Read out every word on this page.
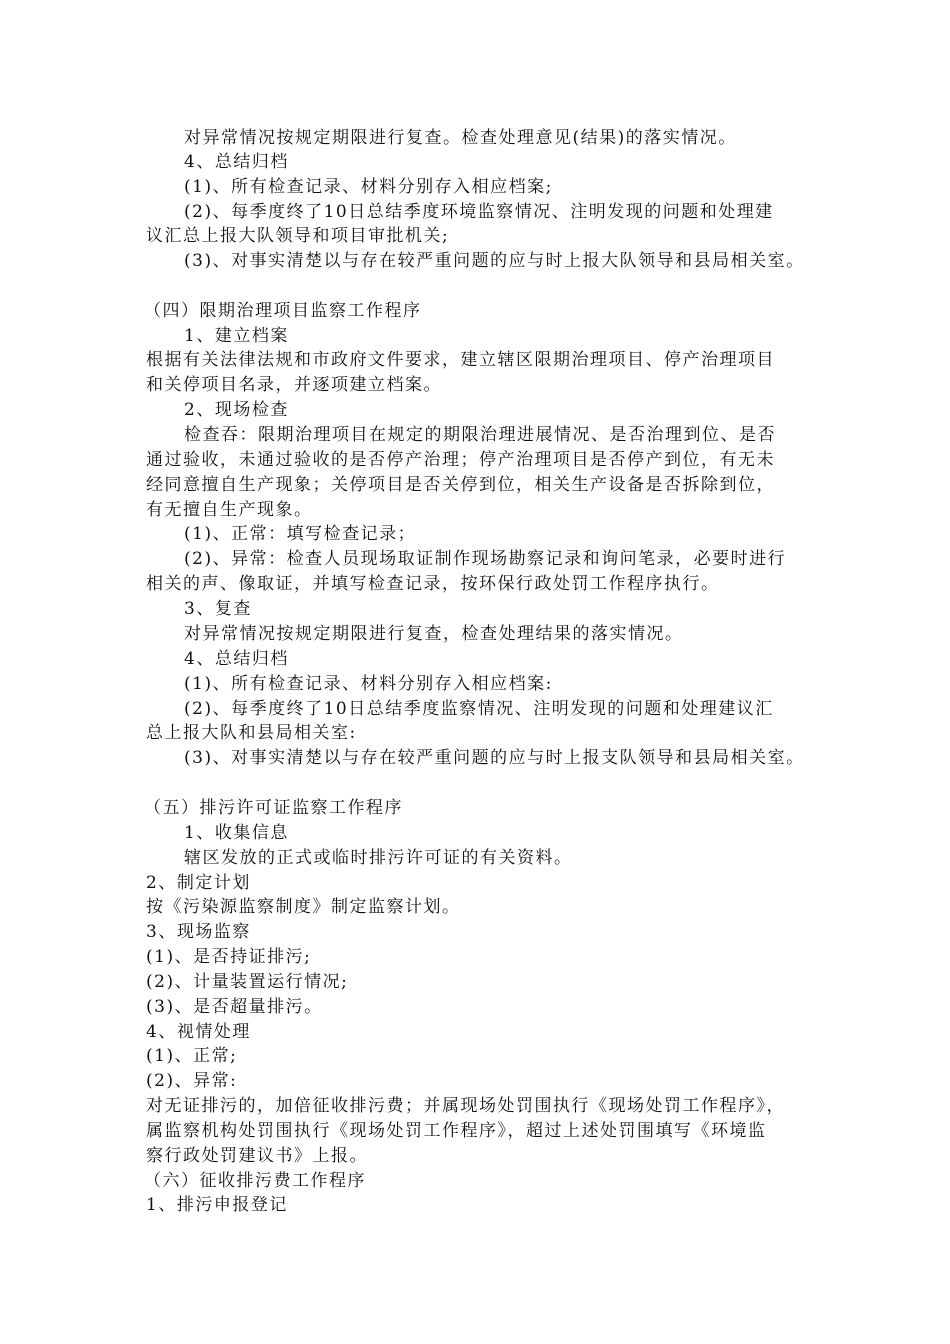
对异常情况按规定期限进行复查。检查处理意见(结果)的落实情况。
4、总结归档
(1)、所有检查记录、材料分别存入相应档案;
(2)、每季度终了10日总结季度环境监察情况、注明发现的问题和处理建
议汇总上报大队领导和项目审批机关;
(3)、对事实清楚以与存在较严重问题的应与时上报大队领导和县局相关室。
（四）限期治理项目监察工作程序
1、建立档案
根据有关法律法规和市政府文件要求，建立辖区限期治理项目、停产治理项目
和关停项目名录，并逐项建立档案。
2、现场检查
检查吞：限期治理项目在规定的期限治理进展情况、是否治理到位、是否
通过验收，未通过验收的是否停产治理；停产治理项目是否停产到位，有无未
经同意擅自生产现象；关停项目是否关停到位，相关生产设备是否拆除到位，
有无擅自生产现象。
(1)、正常：填写检查记录；
(2)、异常：检查人员现场取证制作现场勘察记录和询问笔录，必要时进行
相关的声、像取证，并填写检查记录，按环保行政处罚工作程序执行。
3、复查
对异常情况按规定期限进行复查，检查处理结果的落实情况。
4、总结归档
(1)、所有检查记录、材料分别存入相应档案:
(2)、每季度终了10日总结季度监察情况、注明发现的问题和处理建议汇
总上报大队和县局相关室:
(3)、对事实清楚以与存在较严重问题的应与时上报支队领导和县局相关室。
（五）排污许可证监察工作程序
1、收集信息
辖区发放的正式或临时排污许可证的有关资料。
2、制定计划
按《污染源监察制度》制定监察计划。
3、现场监察
(1)、是否持证排污;
(2)、计量装置运行情况;
(3)、是否超量排污。
4、视情处理
(1)、正常;
(2)、异常:
对无证排污的，加倍征收排污费；并属现场处罚围执行《现场处罚工作程序》，
属监察机构处罚围执行《现场处罚工作程序》，超过上述处罚围填写《环境监
察行政处罚建议书》上报。
（六）征收排污费工作程序
1、排污申报登记
